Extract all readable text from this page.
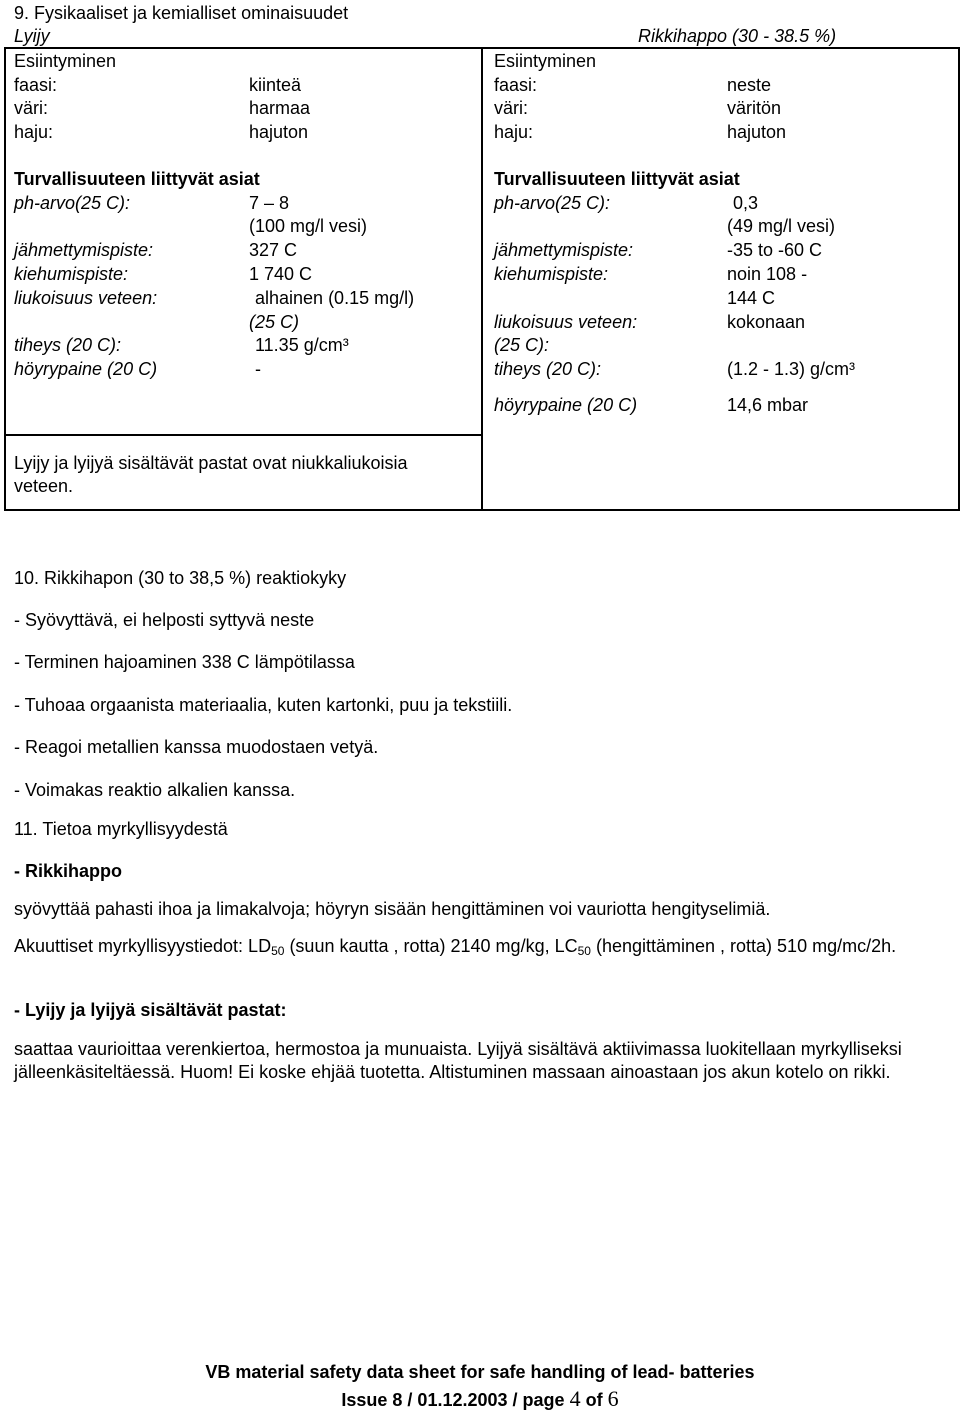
9. Fysikaaliset ja kemialliset ominaisuudet
Lyijy	Rikkihappo (30 - 38.5 %)
Esiintyminen
faasi:	kiinteä
väri:	harmaa
haju:	hajuton
Turvallisuuteen liittyvät asiat
ph-arvo(25 C):	7 – 8
(100 mg/l vesi)
jähmettymispiste:	327 C
kiehumispiste:	1 740 C
liukoisuus veteen:	alhainen (0.15 mg/l)
(25 C)
tiheys (20 C):	11.35 g/cm³
höyrypaine (20 C)	-
Lyijy ja lyijyä sisältävät pastat ovat niukkaliukoisia
veteen.
Esiintyminen
faasi:	neste
väri:	väritön
haju:	hajuton
Turvallisuuteen liittyvät asiat
ph-arvo(25 C):	0,3
(49 mg/l vesi)
jähmettymispiste:	-35 to -60 C
kiehumispiste:	noin 108 -
144 C
liukoisuus veteen:	kokonaan
(25 C):
tiheys (20 C):	(1.2 - 1.3) g/cm³
höyrypaine (20 C)	14,6 mbar
10. Rikkihapon (30 to 38,5 %) reaktiokyky
- Syövyttävä, ei helposti syttyvä neste
- Terminen hajoaminen 338 C lämpötilassa
- Tuhoaa orgaanista materiaalia, kuten kartonki, puu ja tekstiili.
- Reagoi metallien kanssa muodostaen vetyä.
- Voimakas reaktio alkalien kanssa.
11. Tietoa myrkyllisyydestä
- Rikkihappo
syövyttää pahasti ihoa ja limakalvoja; höyryn sisään hengittäminen voi vauriotta hengityselimiä.
Akuuttiset myrkyllisyystiedot: $LD_{50}$ (suun kautta , rotta) 2140 mg/kg, $LC_{50}$ (hengittäminen , rotta) 510 mg/mc/2h.
- Lyijy ja lyijyä sisältävät pastat:
saattaa vaurioittaa verenkiertoa, hermostoa ja munuaista. Lyijyä sisältävä aktiivimassa luokitellaan myrkylliseksi jälleenkäsiteltäessä. Huom! Ei koske ehjää tuotetta. Altistuminen massaan ainoastaan jos akun kotelo on rikki.
VB material safety data sheet for safe handling of lead- batteries
Issue 8 / 01.12.2003 / page 4 of 6
